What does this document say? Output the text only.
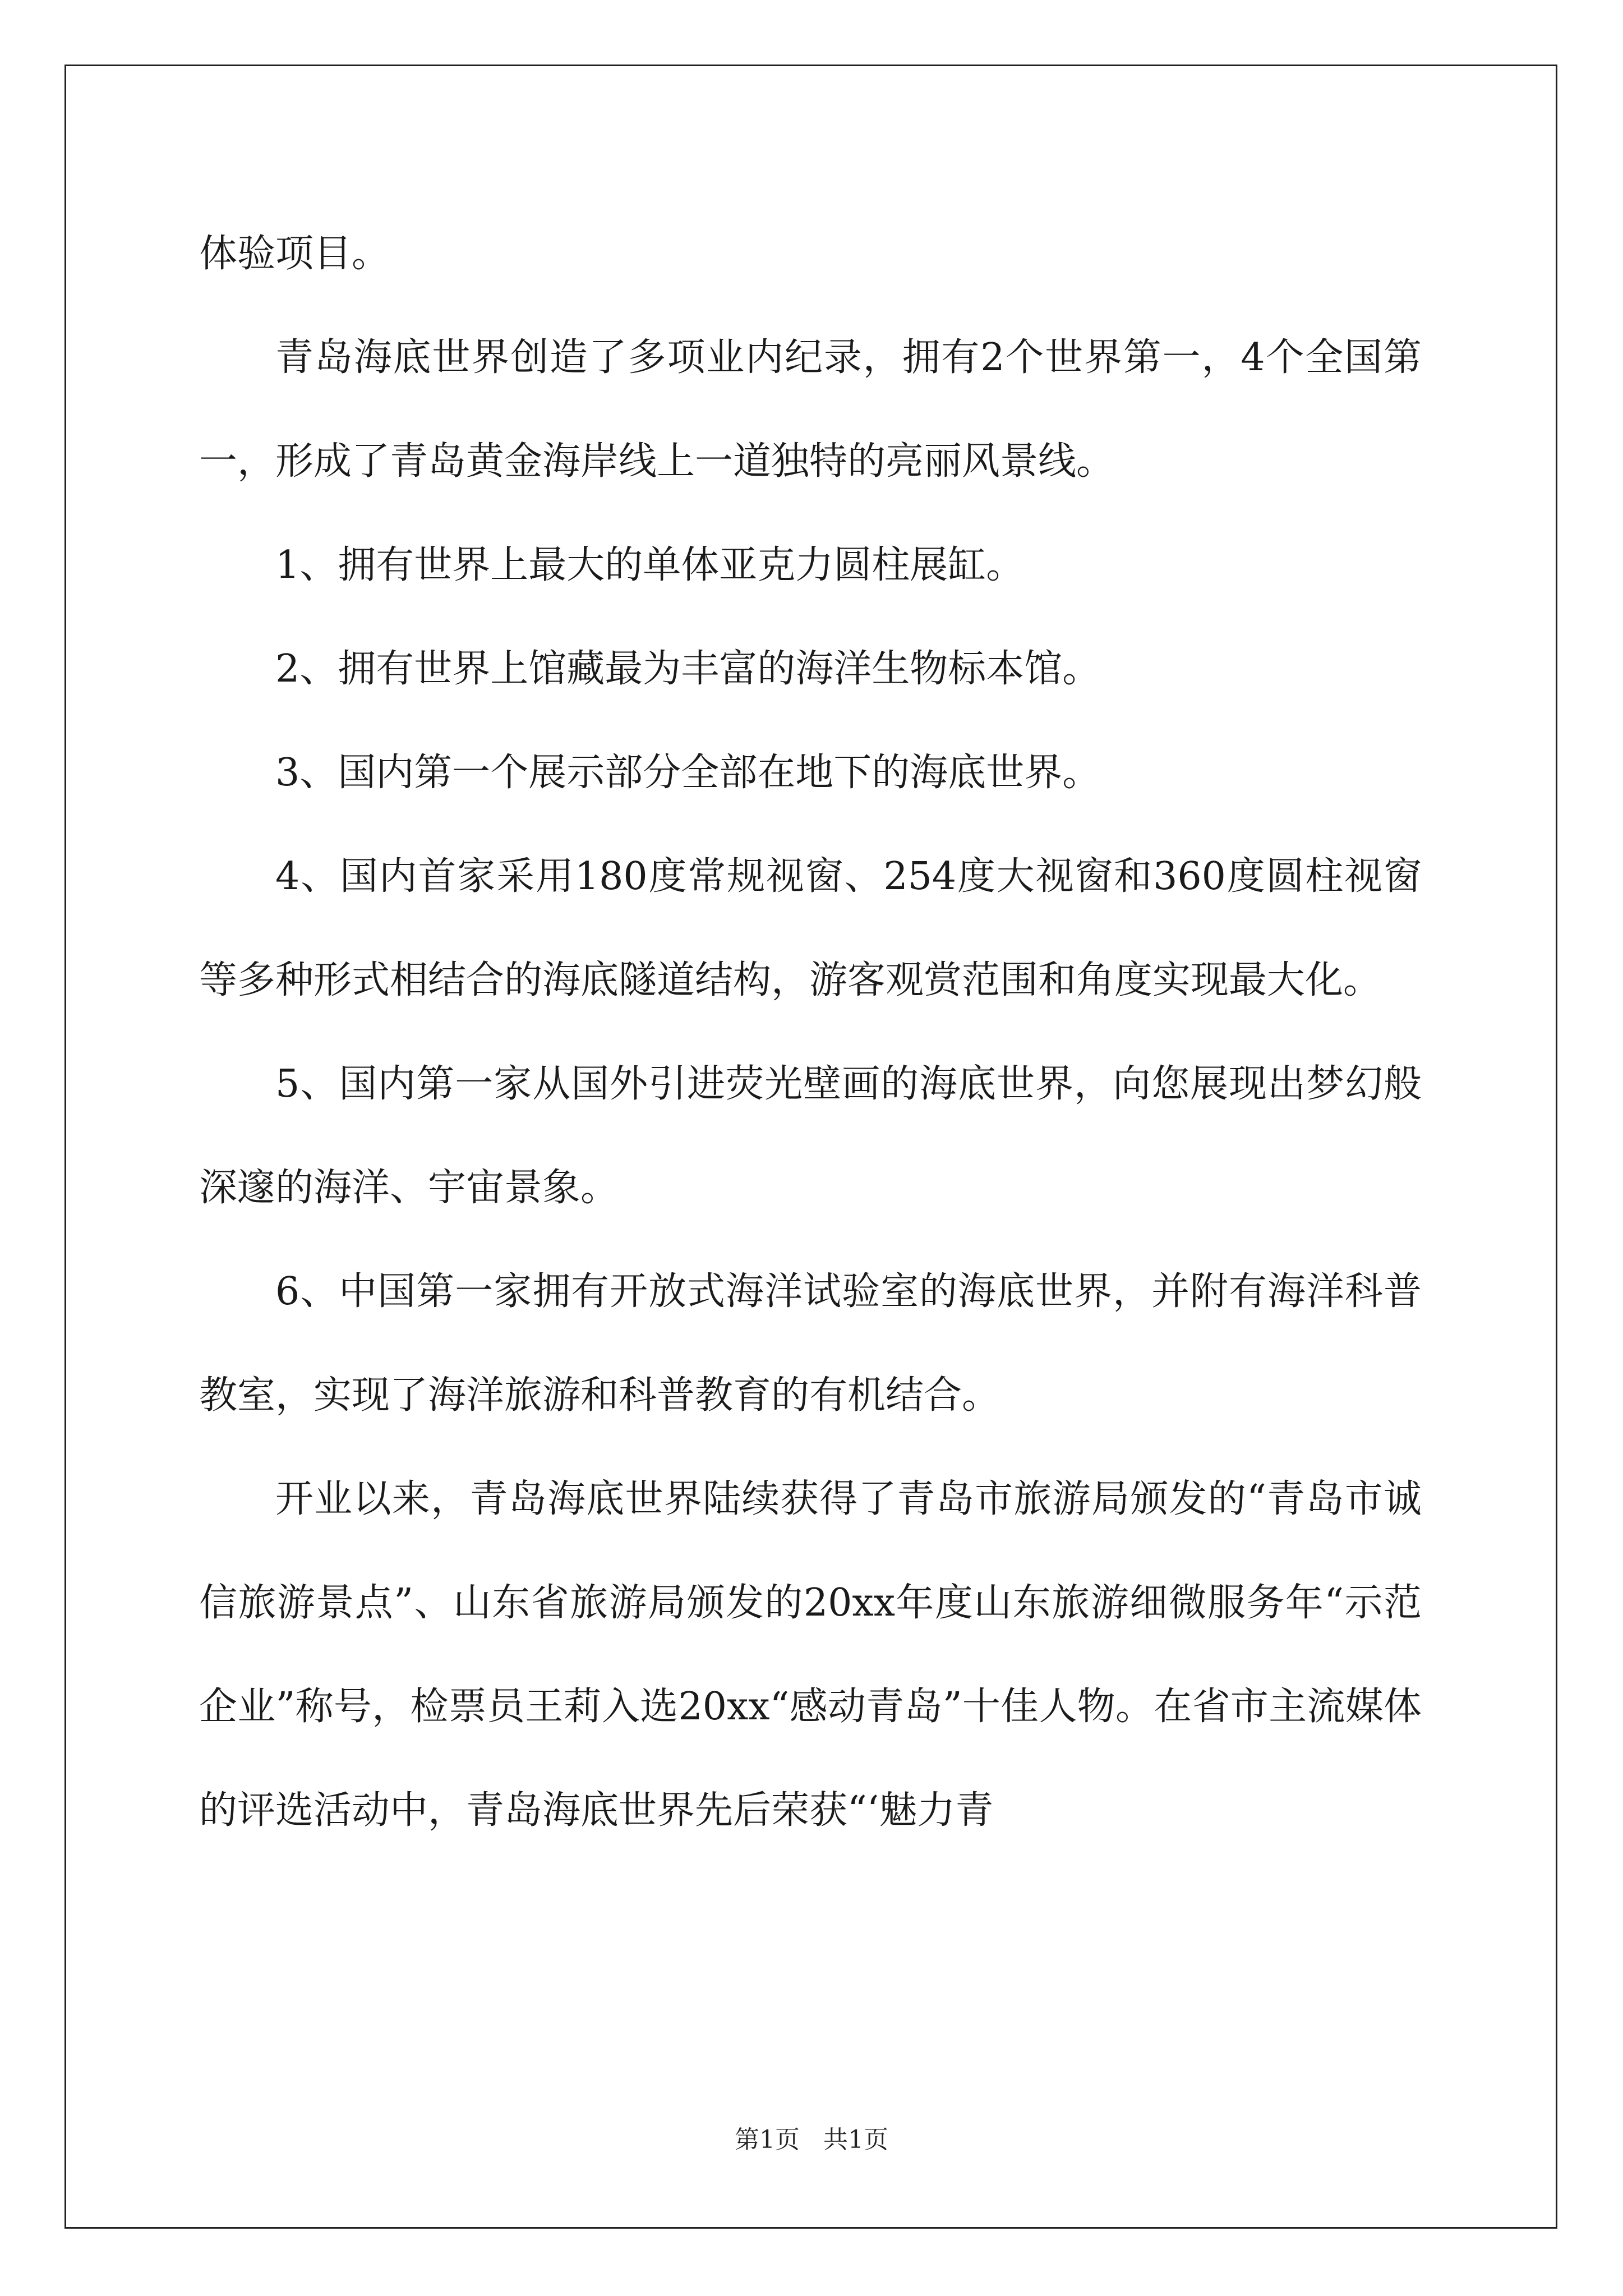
体验项目。

青岛海底世界创造了多项业内纪录，拥有2个世界第一，4个全国第一，形成了青岛黄金海岸线上一道独特的亮丽风景线。

1、拥有世界上最大的单体亚克力圆柱展缸。

2、拥有世界上馆藏最为丰富的海洋生物标本馆。

3、国内第一个展示部分全部在地下的海底世界。

4、国内首家采用180度常规视窗、254度大视窗和360度圆柱视窗等多种形式相结合的海底隧道结构，游客观赏范围和角度实现最大化。

5、国内第一家从国外引进荧光壁画的海底世界，向您展现出梦幻般深邃的海洋、宇宙景象。

6、中国第一家拥有开放式海洋试验室的海底世界，并附有海洋科普教室，实现了海洋旅游和科普教育的有机结合。

开业以来，青岛海底世界陆续获得了青岛市旅游局颁发的“青岛市诚信旅游景点”、山东省旅游局颁发的20xx年度山东旅游细微服务年“示范企业”称号，检票员王莉入选20xx“感动青岛”十佳人物。在省市主流媒体的评选活动中，青岛海底世界先后荣获“‘魅力青

第1页 共1页
